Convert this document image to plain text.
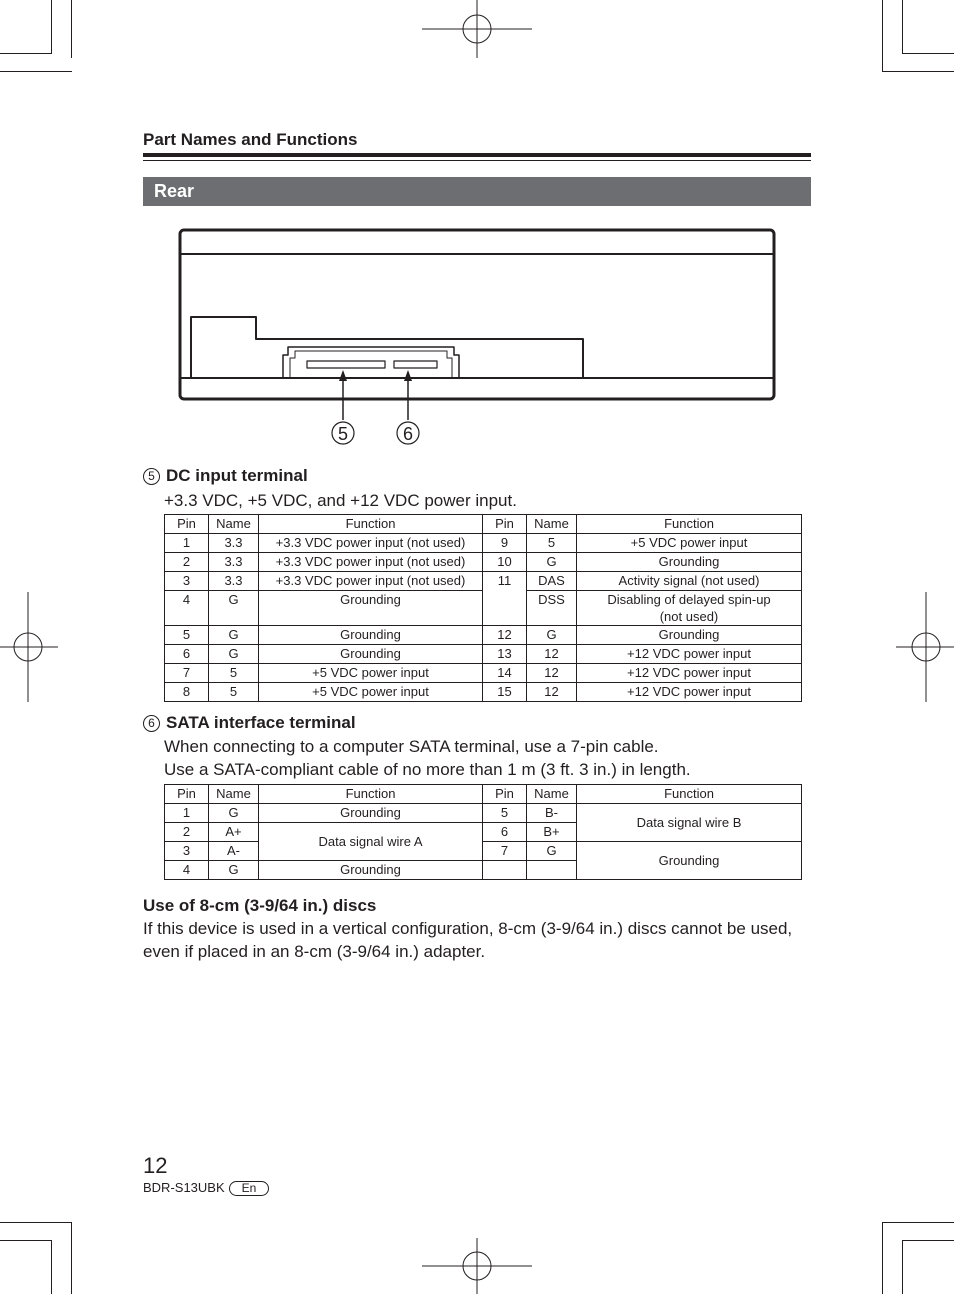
Part Names and Functions
Rear
5	6
5 DC input terminal
+3.3 VDC, +5 VDC, and +12 VDC power input.
Pin	Name	Function	Pin	Name	Function
1	3.3	+3.3 VDC power input (not used)	9	5	+5 VDC power input
2	3.3	+3.3 VDC power input (not used)	10	G	Grounding
3	3.3	+3.3 VDC power input (not used)	11	DAS	Activity signal (not used)
4	G	Grounding		DSS	Disabling of delayed spin-up
(not used)
5	G	Grounding	12	G	Grounding
6	G	Grounding	13	12	+12 VDC power input
7	5	+5 VDC power input	14	12	+12 VDC power input
8	5	+5 VDC power input	15	12	+12 VDC power input
6 SATA interface terminal
When connecting to a computer SATA terminal, use a 7-pin cable.
Use a SATA-compliant cable of no more than 1 m (3 ft. 3 in.) in length.
Pin	Name	Function	Pin	Name	Function
1	G	Grounding	5	B-	Data signal wire B
2	A+	Data signal wire A	6	B+	
3	A-		7	G	Grounding
4	G	Grounding			
Use of 8-cm (3-9/64 in.) discs
If this device is used in a vertical configuration, 8-cm (3-9/64 in.) discs cannot be used,
even if placed in an 8-cm (3-9/64 in.) adapter.
12
BDR-S13UBK En
